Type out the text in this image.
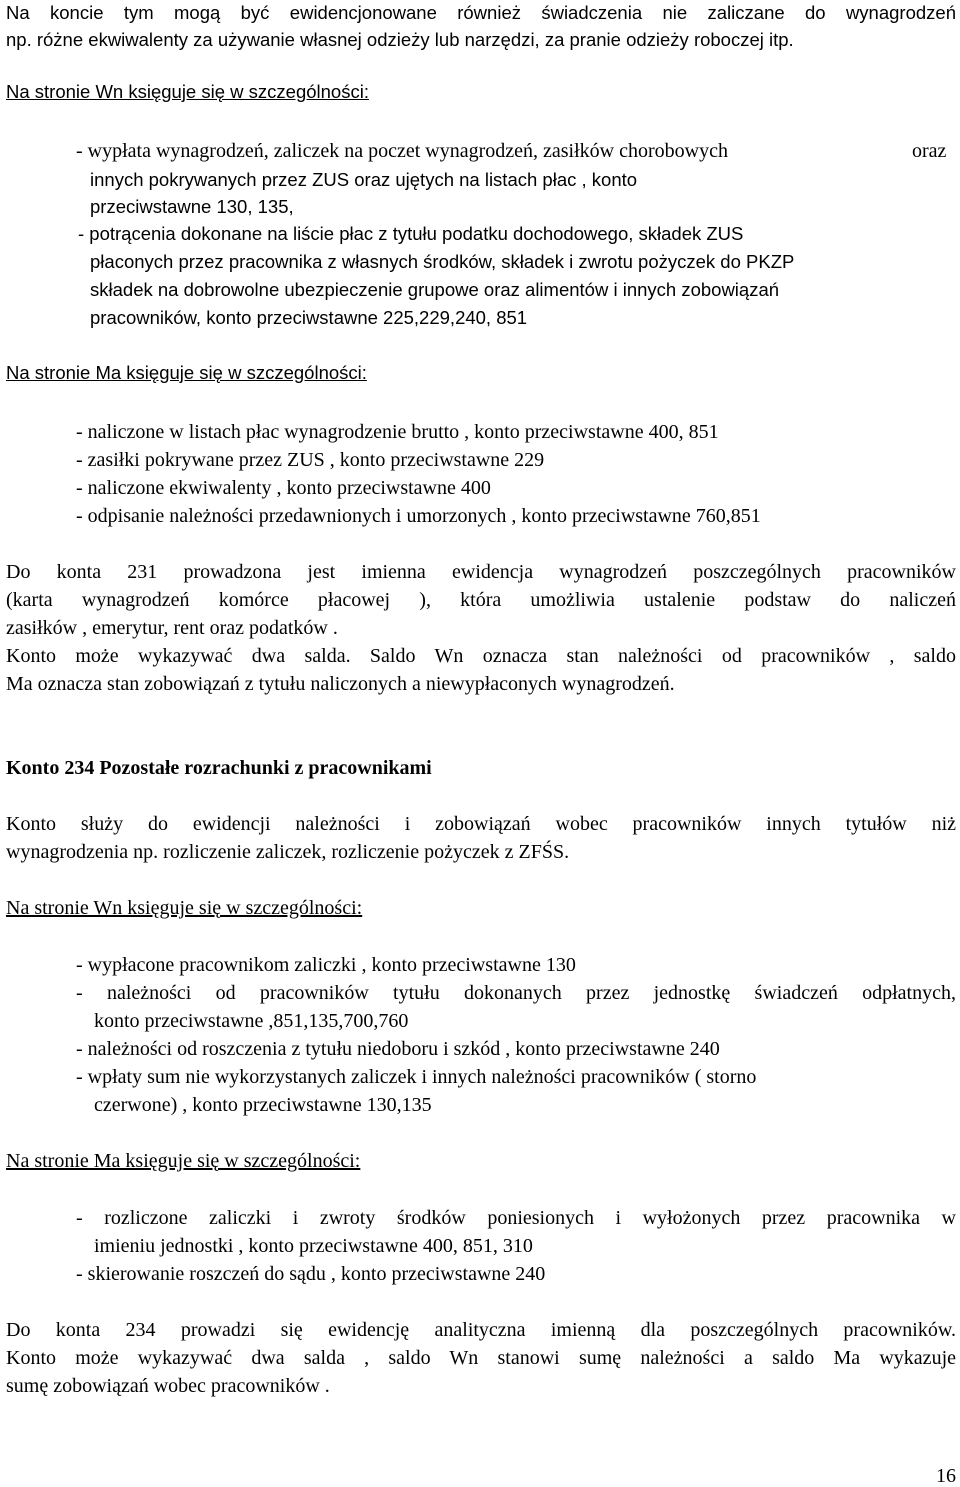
Na koncie tym mogą być ewidencjonowane również świadczenia nie zaliczane do wynagrodzeń
np. różne ekwiwalenty za używanie własnej odzieży lub narzędzi, za pranie odzieży roboczej itp.
Na stronie Wn księguje się w szczególności:
- wypłata wynagrodzeń, zaliczek na poczet wynagrodzeń, zasiłków chorobowych	oraz
innych pokrywanych przez ZUS oraz ujętych na listach płac , konto
przeciwstawne 130, 135,
- potrącenia dokonane na liście płac z tytułu podatku dochodowego, składek ZUS
płaconych przez pracownika z własnych środków, składek i zwrotu pożyczek do PKZP
składek na dobrowolne ubezpieczenie grupowe oraz alimentów i innych zobowiązań
pracowników, konto przeciwstawne 225,229,240, 851
Na stronie Ma księguje się w szczególności:
- naliczone w listach płac wynagrodzenie brutto , konto przeciwstawne 400, 851
- zasiłki pokrywane przez ZUS , konto przeciwstawne 229
- naliczone ekwiwalenty , konto przeciwstawne 400
- odpisanie należności przedawnionych i umorzonych , konto przeciwstawne 760,851
Do konta 231 prowadzona jest imienna ewidencja wynagrodzeń poszczególnych pracowników
(karta wynagrodzeń komórce płacowej ), która umożliwia ustalenie podstaw do naliczeń
zasiłków , emerytur, rent oraz podatków .
Konto może wykazywać dwa salda. Saldo Wn oznacza stan należności od pracowników , saldo
Ma oznacza stan zobowiązań z tytułu naliczonych a niewypłaconych wynagrodzeń.
Konto 234 Pozostałe rozrachunki z pracownikami
Konto służy do ewidencji należności i zobowiązań wobec pracowników innych tytułów niż
wynagrodzenia np. rozliczenie zaliczek, rozliczenie pożyczek z ZFŚS.
Na stronie Wn księguje się w szczególności:
- wypłacone pracownikom zaliczki , konto przeciwstawne 130
- należności od pracowników tytułu dokonanych przez jednostkę świadczeń odpłatnych,
konto przeciwstawne ,851,135,700,760
- należności od roszczenia z tytułu niedoboru i szkód , konto przeciwstawne 240
- wpłaty sum nie wykorzystanych zaliczek i innych należności pracowników ( storno
czerwone) , konto przeciwstawne 130,135
Na stronie Ma księguje się w szczególności:
- rozliczone zaliczki i zwroty środków poniesionych i wyłożonych przez pracownika w
imieniu jednostki , konto przeciwstawne 400, 851, 310
- skierowanie roszczeń do sądu , konto przeciwstawne 240
Do konta 234 prowadzi się ewidencję analityczna imienną dla poszczególnych pracowników.
Konto może wykazywać dwa salda , saldo Wn stanowi sumę należności a saldo Ma wykazuje
sumę zobowiązań wobec pracowników .
16
